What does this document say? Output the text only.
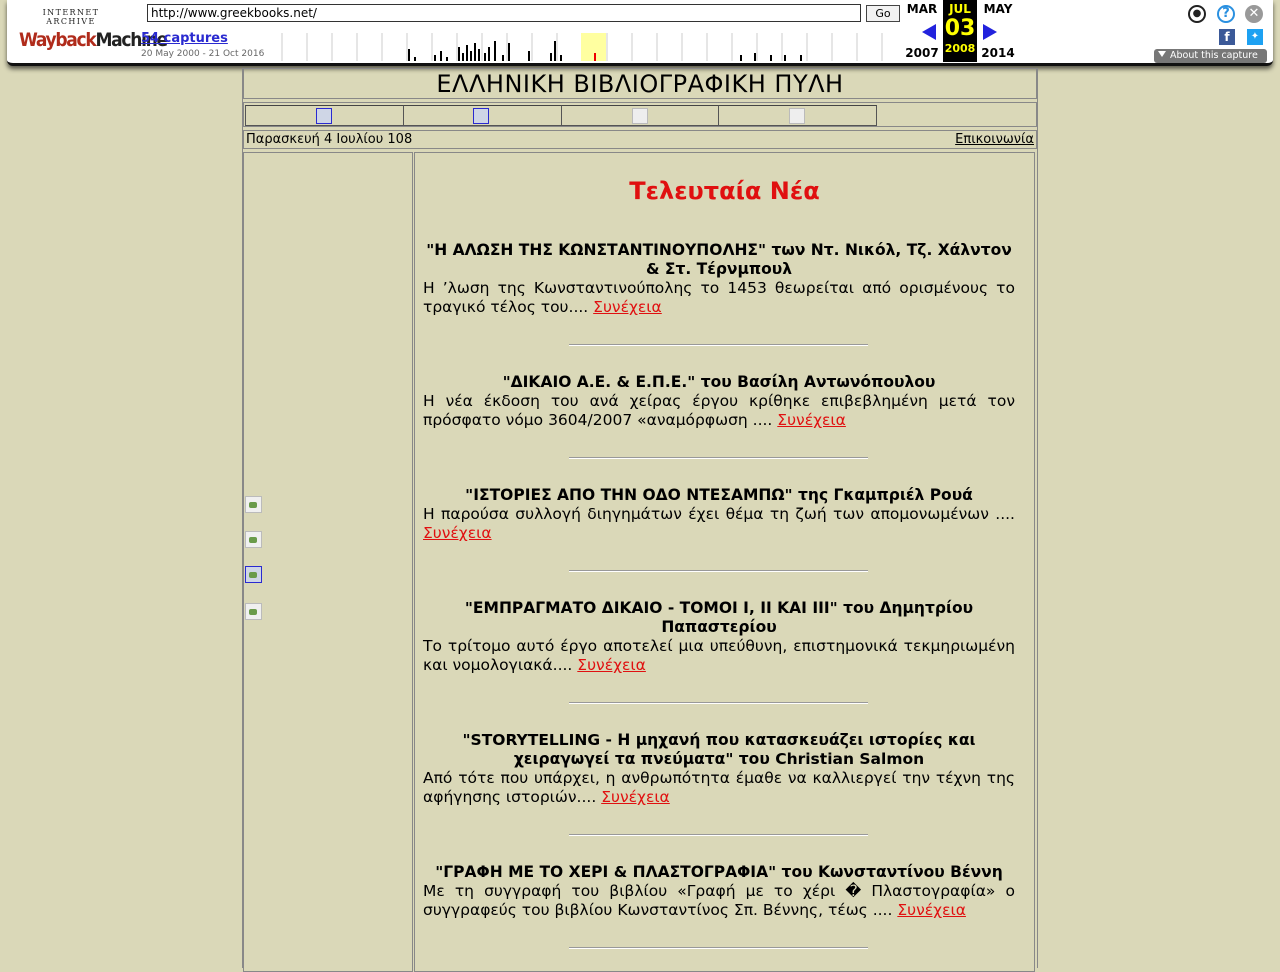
INTERNET ARCHIVE
WaybackMachine
http://www.greekbooks.net/
Go
54 captures
20 May 2000 - 21 Oct 2016
MAR	MAY
2007	2014
JUL
03
2008
●	?	✕
f	✦
About this capture
ΕΛΛΗΝΙΚΗ ΒΙΒΛΙΟΓΡΑΦΙΚΗ ΠΥΛΗ
Παρασκευή 4 Ιουλίου 108	Επικοινωνία
Τελευταία Νέα
"Η ΑΛΩΣΗ ΤΗΣ ΚΩΝΣΤΑΝΤΙΝΟΥΠΟΛΗΣ" των Ντ. Νικόλ, Τζ. Χάλντον & Στ. Τέρνμπουλ
Η ’λωση της Κωνσταντινούπολης το 1453 θεωρείται από ορισμένους το τραγικό τέλος του.... Συνέχεια
"ΔΙΚΑΙΟ Α.Ε. & Ε.Π.Ε." του Βασίλη Αντωνόπουλου
Η νέα έκδοση του ανά χείρας έργου κρίθηκε επιβεβλημένη μετά τον πρόσφατο νόμο 3604/2007 «αναμόρφωση .... Συνέχεια
"ΙΣΤΟΡΙΕΣ ΑΠΟ ΤΗΝ ΟΔΟ ΝΤΕΣΑΜΠΩ" της Γκαμπριέλ Ρουά
Η παρούσα συλλογή διηγημάτων έχει θέμα τη ζωή των απομονωμένων .... Συνέχεια
"ΕΜΠΡΑΓΜΑΤΟ ΔΙΚΑΙΟ - ΤΟΜΟΙ Ι, ΙΙ ΚΑΙ ΙΙΙ" του Δημητρίου Παπαστερίου
Το τρίτομο αυτό έργο αποτελεί μια υπεύθυνη, επιστημονικά τεκμηριωμένη και νομολογιακά.... Συνέχεια
"STORYTELLING - Η μηχανή που κατασκευάζει ιστορίες και χειραγωγεί τα πνεύματα" του Christian Salmon
Από τότε που υπάρχει, η ανθρωπότητα έμαθε να καλλιεργεί την τέχνη της αφήγησης ιστοριών.... Συνέχεια
"ΓΡΑΦΗ ΜΕ ΤΟ ΧΕΡΙ & ΠΛΑΣΤΟΓΡΑΦΙΑ" του Κωνσταντίνου Βέννη
Με τη συγγραφή του βιβλίου «Γραφή με το χέρι � Πλαστογραφία» ο συγγραφεύς του βιβλίου Κωνσταντίνος Σπ. Βέννης, τέως .... Συνέχεια
